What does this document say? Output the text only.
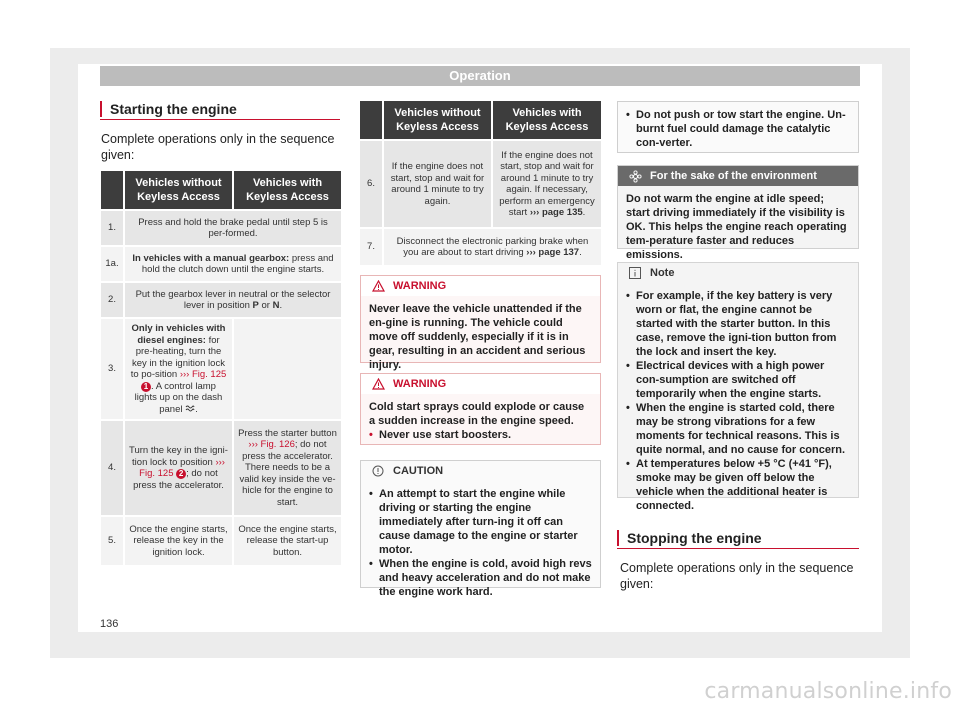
Operation
Starting the engine
Complete operations only in the sequence given:
	Vehicles without Keyless Access	Vehicles with Keyless Access
1.	Press and hold the brake pedal until step 5 is per-formed.	
1a.	In vehicles with a manual gearbox: press and hold the clutch down until the engine starts.	
2.	Put the gearbox lever in neutral or the selector lever in position P or N.	
3.	Only in vehicles with diesel engines: for pre-heating, turn the key in the ignition lock to po-sition ››› Fig. 125 1 . A control lamp lights up on the dash panel .	
4.	Turn the key in the igni-tion lock to position ››› Fig. 125 2 ; do not press the accelerator.	Press the starter button ››› Fig. 126; do not press the accelerator. There needs to be a valid key inside the ve-hicle for the engine to start.
5.	Once the engine starts, release the key in the ignition lock.	Once the engine starts, release the start-up button.
	Vehicles without Keyless Access	Vehicles with Keyless Access
6.	If the engine does not start, stop and wait for around 1 minute to try again.	If the engine does not start, stop and wait for around 1 minute to try again. If necessary, perform an emergency start ››› page 135.
7.	Disconnect the electronic parking brake when you are about to start driving ››› page 137.	
WARNING
Never leave the vehicle unattended if the en-gine is running. The vehicle could move off suddenly, especially if it is in gear, resulting in an accident and serious injury.
WARNING
Cold start sprays could explode or cause a sudden increase in the engine speed.
•
Never use start boosters.
CAUTION
•
An attempt to start the engine while driving or starting the engine immediately after turn-ing it off can cause damage to the engine or starter motor.
•
When the engine is cold, avoid high revs and heavy acceleration and do not make the engine work hard.
•
Do not push or tow start the engine. Un-burnt fuel could damage the catalytic con-verter.
For the sake of the environment
Do not warm the engine at idle speed; start driving immediately if the visibility is OK. This helps the engine reach operating tem-perature faster and reduces emissions.
Note
•
For example, if the key battery is very worn or flat, the engine cannot be started with the starter button. In this case, remove the igni-tion button from the lock and insert the key.
•
Electrical devices with a high power con-sumption are switched off temporarily when the engine starts.
•
When the engine is started cold, there may be strong vibrations for a few moments for technical reasons. This is quite normal, and no cause for concern.
•
At temperatures below +5 °C (+41 °F), smoke may be given off below the vehicle when the additional heater is connected.
Stopping the engine
Complete operations only in the sequence given:
136
carmanualsonline.info
